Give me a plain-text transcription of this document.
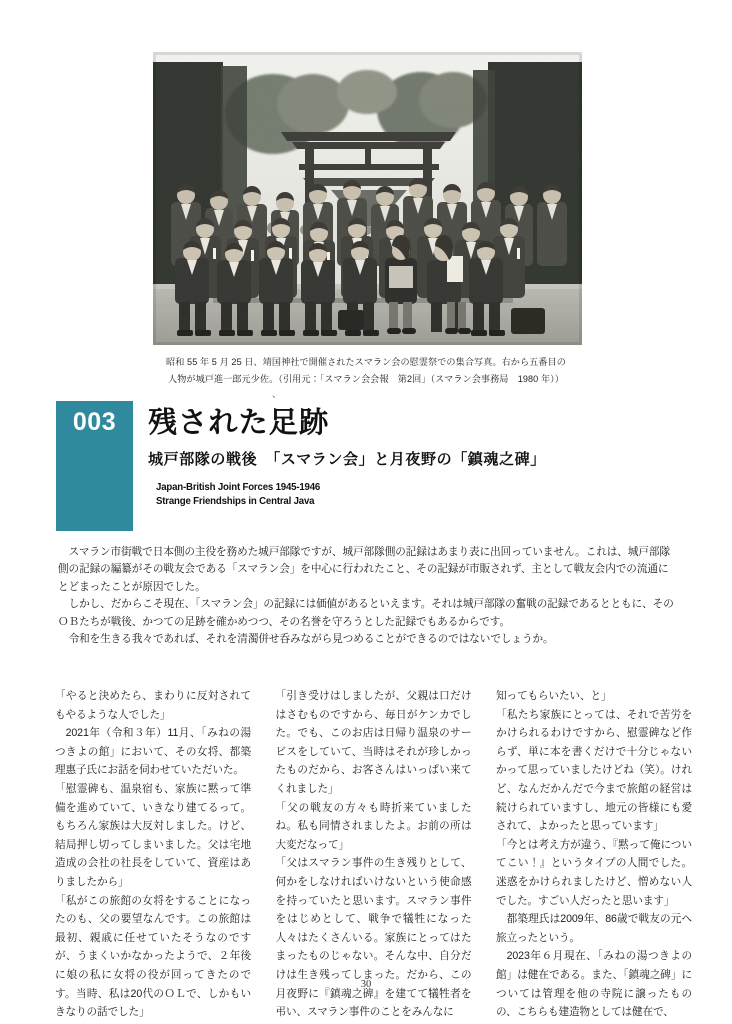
昭和 55 年 5 月 25 日、靖国神社で開催されたスマラン会の慰霊祭での集合写真。右から五番目の
人物が城戸進一郎元少佐。（引用元：「スマラン会会報　第2回」（スマラン会事務局　1980 年））
、
003	残された足跡
城戸部隊の戦後　「スマラン会」と月夜野の「鎮魂之碑」
Japan-British Joint Forces 1945-1946
Strange Friendships in Central Java

スマラン市街戦で日本側の主役を務めた城戸部隊ですが、城戸部隊側の記録はあまり表に出回っていません。これは、城戸部隊側の記録の編纂がその戦友会である「スマラン会」を中心に行われたこと、その記録が市販されず、主として戦友会内での流通にとどまったことが原因でした。

しかし、だからこそ現在、「スマラン会」の記録には価値があるといえます。それは城戸部隊の奮戦の記録であるとともに、そのＯＢたちが戦後、かつての足跡を確かめつつ、その名誉を守ろうとした記録でもあるからです。

令和を生きる我々であれば、それを清濁併せ呑みながら見つめることができるのではないでしょうか。

「やると決めたら、まわりに反対されてもやるような人でした」

2021年（令和３年）11月、「みねの湯つきよの館」において、その女将、都築理惠子氏にお話を伺わせていただいた。

「慰霊碑も、温泉宿も、家族に黙って準備を進めていて、いきなり建てるって。もちろん家族は大反対しました。けど、結局押し切ってしまいました。父は宅地造成の会社の社長をしていて、資産はありましたから」

「私がこの旅館の女将をすることになったのも、父の要望なんです。この旅館は最初、親戚に任せていたそうなのですが、うまくいかなかったようで、２年後に娘の私に女将の役が回ってきたのです。当時、私は20代のＯＬで、しかもいきなりの話でした」

「引き受けはしましたが、父親は口だけはさむものですから、毎日がケンカでした。でも、このお店は日帰り温泉のサービスをしていて、当時はそれが珍しかったものだから、お客さんはいっぱい来てくれました」

「父の戦友の方々も時折来ていましたね。私も同情されましたよ。お前の所は大変だなって」

「父はスマラン事件の生き残りとして、何かをしなければいけないという使命感を持っていたと思います。スマラン事件をはじめとして、戦争で犠牲になった人々はたくさんいる。家族にとってはたまったものじゃない。そんな中、自分だけは生き残ってしまった。だから、この月夜野に『鎮魂之碑』を建てて犠牲者を弔い、スマラン事件のことをみんなに

知ってもらいたい、と」

「私たち家族にとっては、それで苦労をかけられるわけですから、慰霊碑など作らず、単に本を書くだけで十分じゃないかって思っていましたけどね（笑）。けれど、なんだかんだで今まで旅館の経営は続けられていますし、地元の皆様にも愛されて、よかったと思っています」

「今とは考え方が違う、『黙って俺についてこい！』というタイプの人間でした。迷惑をかけられましたけど、憎めない人でした。すごい人だったと思います」

都築理氏は2009年、86歳で戦友の元へ旅立ったという。

2023年６月現在、「みねの湯つきよの館」は健在である。また、「鎮魂之碑」については管理を他の寺院に譲ったものの、こちらも建造物としては健在で、

30
